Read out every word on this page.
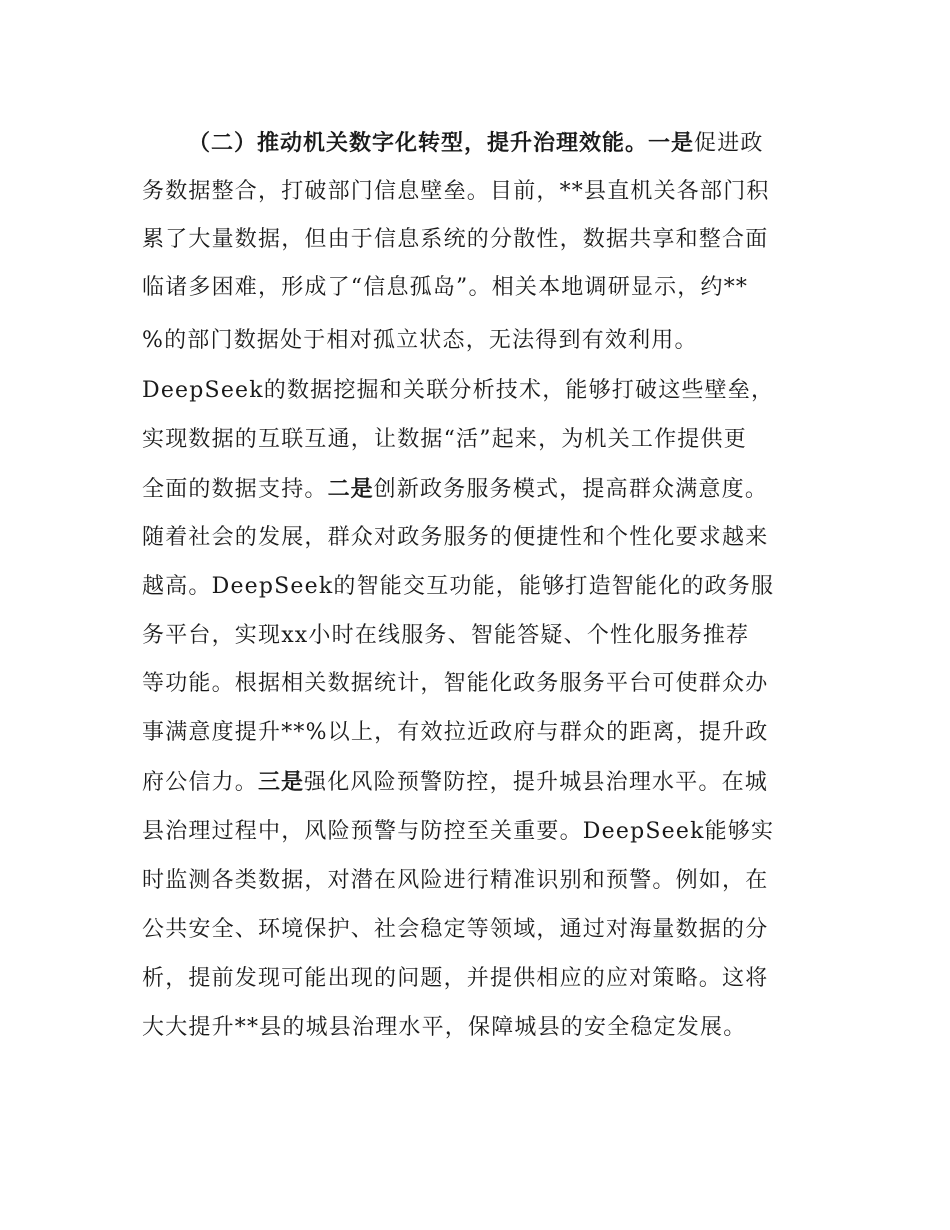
（二）推动机关数字化转型，提升治理效能。一是促进政
务数据整合，打破部门信息壁垒。目前，**县直机关各部门积
累了大量数据，但由于信息系统的分散性，数据共享和整合面
临诸多困难，形成了“信息孤岛”。相关本地调研显示，约**
%的部门数据处于相对孤立状态，无法得到有效利用。
DeepSeek的数据挖掘和关联分析技术，能够打破这些壁垒，
实现数据的互联互通，让数据“活”起来，为机关工作提供更
全面的数据支持。二是创新政务服务模式，提高群众满意度。
随着社会的发展，群众对政务服务的便捷性和个性化要求越来
越高。DeepSeek的智能交互功能，能够打造智能化的政务服
务平台，实现xx小时在线服务、智能答疑、个性化服务推荐
等功能。根据相关数据统计，智能化政务服务平台可使群众办
事满意度提升**%以上，有效拉近政府与群众的距离，提升政
府公信力。三是强化风险预警防控，提升城县治理水平。在城
县治理过程中，风险预警与防控至关重要。DeepSeek能够实
时监测各类数据，对潜在风险进行精准识别和预警。例如，在
公共安全、环境保护、社会稳定等领域，通过对海量数据的分
析，提前发现可能出现的问题，并提供相应的应对策略。这将
大大提升**县的城县治理水平，保障城县的安全稳定发展。
